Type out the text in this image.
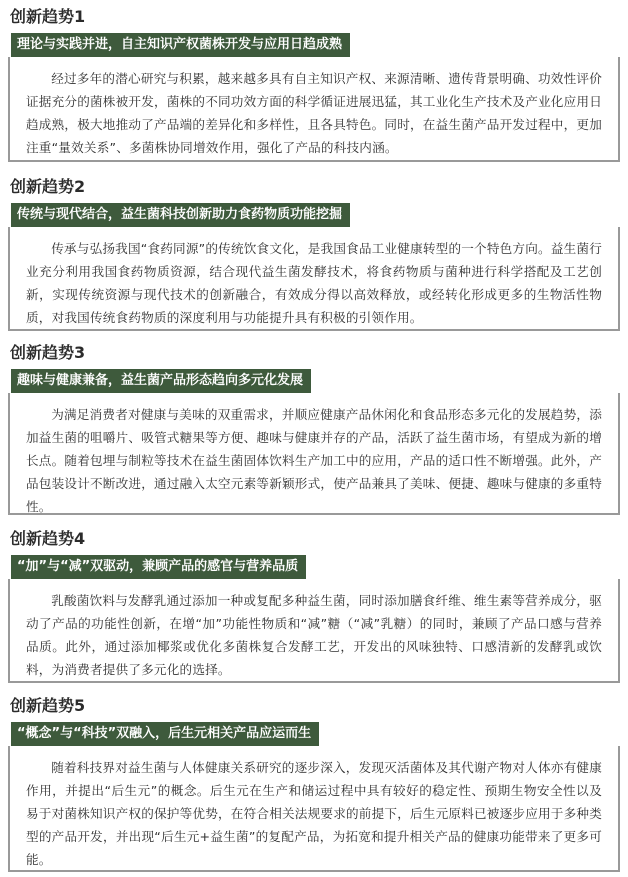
创新趋势1
理论与实践并进，自主知识产权菌株开发与应用日趋成熟

经过多年的潜心研究与积累，越来越多具有自主知识产权、来源清晰、遗传背景明确、功效性评价证据充分的菌株被开发，菌株的不同功效方面的科学循证进展迅猛，其工业化生产技术及产业化应用日趋成熟，极大地推动了产品端的差异化和多样性，且各具特色。同时，在益生菌产品开发过程中，更加注重“量效关系”、多菌株协同增效作用，强化了产品的科技内涵。

创新趋势2
传统与现代结合，益生菌科技创新助力食药物质功能挖掘

传承与弘扬我国“食药同源”的传统饮食文化，是我国食品工业健康转型的一个特色方向。益生菌行业充分利用我国食药物质资源，结合现代益生菌发酵技术，将食药物质与菌种进行科学搭配及工艺创新，实现传统资源与现代技术的创新融合，有效成分得以高效释放，或经转化形成更多的生物活性物质，对我国传统食药物质的深度利用与功能提升具有积极的引领作用。

创新趋势3
趣味与健康兼备，益生菌产品形态趋向多元化发展

为满足消费者对健康与美味的双重需求，并顺应健康产品休闲化和食品形态多元化的发展趋势，添加益生菌的咀嚼片、吸管式糖果等方便、趣味与健康并存的产品，活跃了益生菌市场，有望成为新的增长点。随着包埋与制粒等技术在益生菌固体饮料生产加工中的应用，产品的适口性不断增强。此外，产品包装设计不断改进，通过融入太空元素等新颖形式，使产品兼具了美味、便捷、趣味与健康的多重特性。

创新趋势4
“加”与“减”双驱动，兼顾产品的感官与营养品质

乳酸菌饮料与发酵乳通过添加一种或复配多种益生菌，同时添加膳食纤维、维生素等营养成分，驱动了产品的功能性创新，在增“加”功能性物质和“减”糖（“减”乳糖）的同时，兼顾了产品口感与营养品质。此外，通过添加椰浆或优化多菌株复合发酵工艺，开发出的风味独特、口感清新的发酵乳或饮料，为消费者提供了多元化的选择。

创新趋势5
“概念”与“科技”双融入，后生元相关产品应运而生

随着科技界对益生菌与人体健康关系研究的逐步深入，发现灭活菌体及其代谢产物对人体亦有健康作用，并提出“后生元”的概念。后生元在生产和储运过程中具有较好的稳定性、预期生物安全性以及易于对菌株知识产权的保护等优势，在符合相关法规要求的前提下，后生元原料已被逐步应用于多种类型的产品开发，并出现“后生元+益生菌”的复配产品，为拓宽和提升相关产品的健康功能带来了更多可能。
